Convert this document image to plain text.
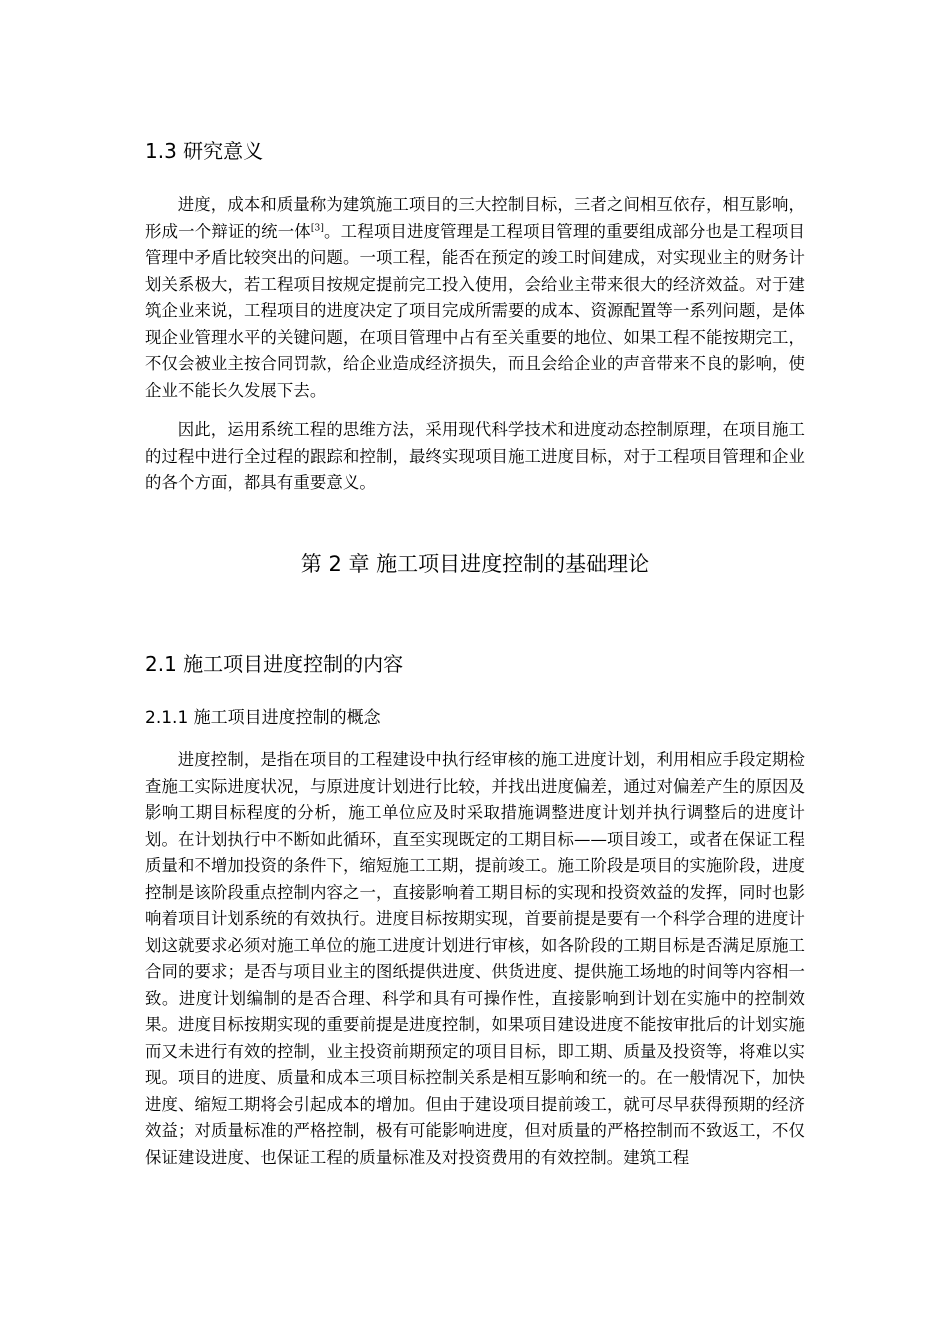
1.3 研究意义

进度，成本和质量称为建筑施工项目的三大控制目标，三者之间相互依存，相互影响，形成一个辩证的统一体[3]。工程项目进度管理是工程项目管理的重要组成部分也是工程项目管理中矛盾比较突出的问题。一项工程，能否在预定的竣工时间建成，对实现业主的财务计划关系极大，若工程项目按规定提前完工投入使用，会给业主带来很大的经济效益。对于建筑企业来说，工程项目的进度决定了项目完成所需要的成本、资源配置等一系列问题，是体现企业管理水平的关键问题，在项目管理中占有至关重要的地位、如果工程不能按期完工，不仅会被业主按合同罚款，给企业造成经济损失，而且会给企业的声音带来不良的影响，使企业不能长久发展下去。

因此，运用系统工程的思维方法，采用现代科学技术和进度动态控制原理，在项目施工的过程中进行全过程的跟踪和控制，最终实现项目施工进度目标，对于工程项目管理和企业的各个方面，都具有重要意义。

第 2 章 施工项目进度控制的基础理论
2.1 施工项目进度控制的内容
2.1.1 施工项目进度控制的概念

进度控制，是指在项目的工程建设中执行经审核的施工进度计划，利用相应手段定期检查施工实际进度状况，与原进度计划进行比较，并找出进度偏差，通过对偏差产生的原因及影响工期目标程度的分析，施工单位应及时采取措施调整进度计划并执行调整后的进度计划。在计划执行中不断如此循环，直至实现既定的工期目标——项目竣工，或者在保证工程质量和不增加投资的条件下，缩短施工工期，提前竣工。施工阶段是项目的实施阶段，进度控制是该阶段重点控制内容之一，直接影响着工期目标的实现和投资效益的发挥，同时也影响着项目计划系统的有效执行。进度目标按期实现，首要前提是要有一个科学合理的进度计划这就要求必须对施工单位的施工进度计划进行审核，如各阶段的工期目标是否满足原施工合同的要求；是否与项目业主的图纸提供进度、供货进度、提供施工场地的时间等内容相一致。进度计划编制的是否合理、科学和具有可操作性，直接影响到计划在实施中的控制效果。进度目标按期实现的重要前提是进度控制，如果项目建设进度不能按审批后的计划实施而又未进行有效的控制，业主投资前期预定的项目目标，即工期、质量及投资等，将难以实现。项目的进度、质量和成本三项目标控制关系是相互影响和统一的。在一般情况下，加快进度、缩短工期将会引起成本的增加。但由于建设项目提前竣工，就可尽早获得预期的经济效益；对质量标准的严格控制，极有可能影响进度，但对质量的严格控制而不致返工，不仅保证建设进度、也保证工程的质量标准及对投资费用的有效控制。建筑工程
